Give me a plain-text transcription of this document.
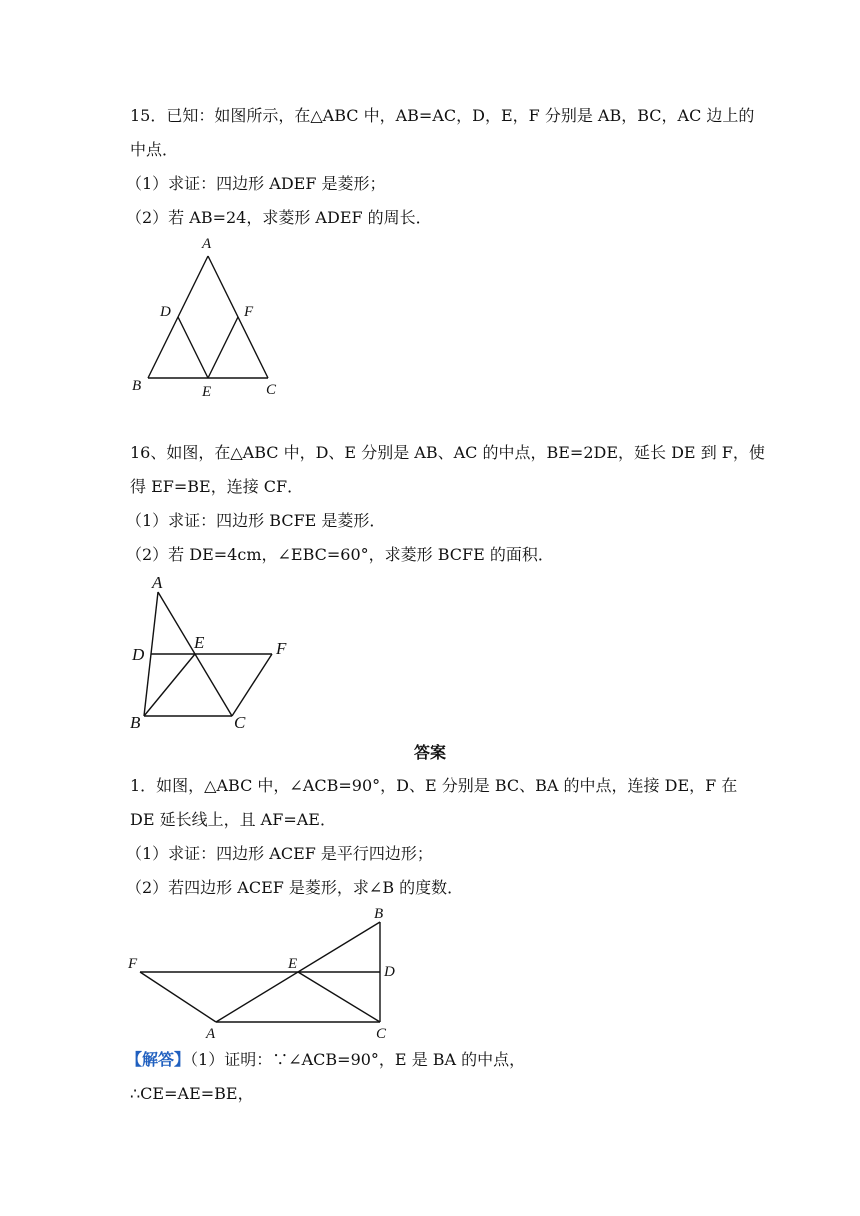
15．已知：如图所示，在△ABC 中，AB=AC，D，E，F 分别是 AB，BC，AC 边上的
中点．
（1）求证：四边形 ADEF 是菱形；
（2）若 AB=24，求菱形 ADEF 的周长．
A
D	F
B	E	C
16、如图，在△ABC 中，D、E 分别是 AB、AC 的中点，BE=2DE，延长 DE 到 F，使
得 EF=BE，连接 CF．
（1）求证：四边形 BCFE 是菱形．
（2）若 DE=4cm，∠EBC=60°，求菱形 BCFE 的面积．
A
D
E	F
B	C
答案
1．如图，△ABC 中，∠ACB=90°，D、E 分别是 BC、BA 的中点，连接 DE，F 在
DE 延长线上，且 AF=AE．
（1）求证：四边形 ACEF 是平行四边形；
（2）若四边形 ACEF 是菱形，求∠B 的度数．
B
F	E	D
A	C
【解答】（1）证明：∵∠ACB=90°，E 是 BA 的中点，
∴CE=AE=BE，
